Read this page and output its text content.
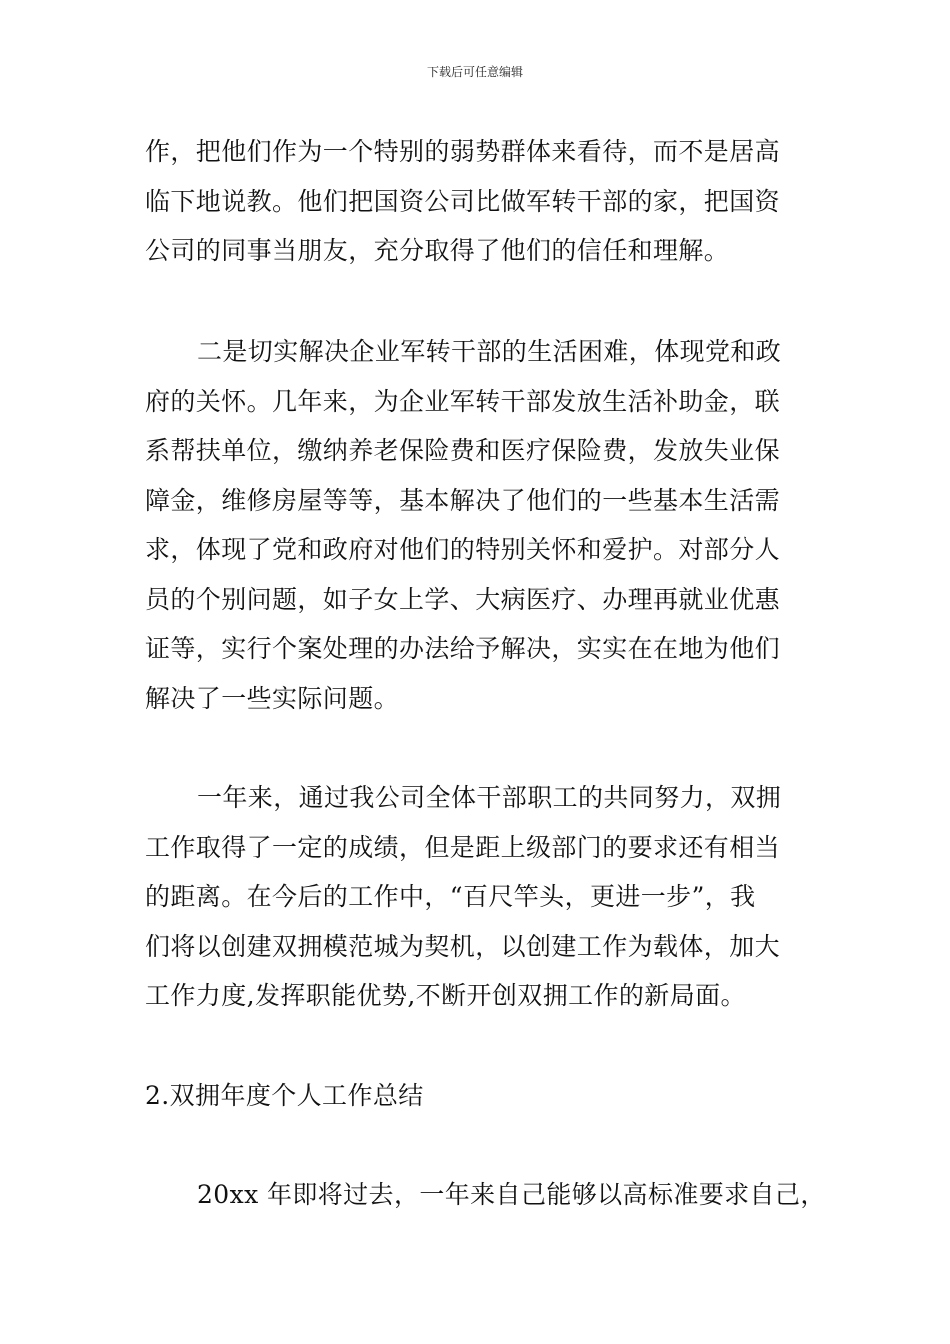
下载后可任意编辑
作，把他们作为一个特别的弱势群体来看待，而不是居高
临下地说教。他们把国资公司比做军转干部的家，把国资
公司的同事当朋友，充分取得了他们的信任和理解。
二是切实解决企业军转干部的生活困难，体现党和政
府的关怀。几年来，为企业军转干部发放生活补助金，联
系帮扶单位，缴纳养老保险费和医疗保险费，发放失业保
障金，维修房屋等等，基本解决了他们的一些基本生活需
求，体现了党和政府对他们的特别关怀和爱护。对部分人
员的个别问题，如子女上学、大病医疗、办理再就业优惠
证等，实行个案处理的办法给予解决，实实在在地为他们
解决了一些实际问题。
一年来，通过我公司全体干部职工的共同努力，双拥
工作取得了一定的成绩，但是距上级部门的要求还有相当
的距离。在今后的工作中，“百尺竿头，更进一步”，我
们将以创建双拥模范城为契机，以创建工作为载体，加大
工作力度,发挥职能优势,不断开创双拥工作的新局面。
2.双拥年度个人工作总结
20xx 年即将过去，一年来自己能够以高标准要求自己，
